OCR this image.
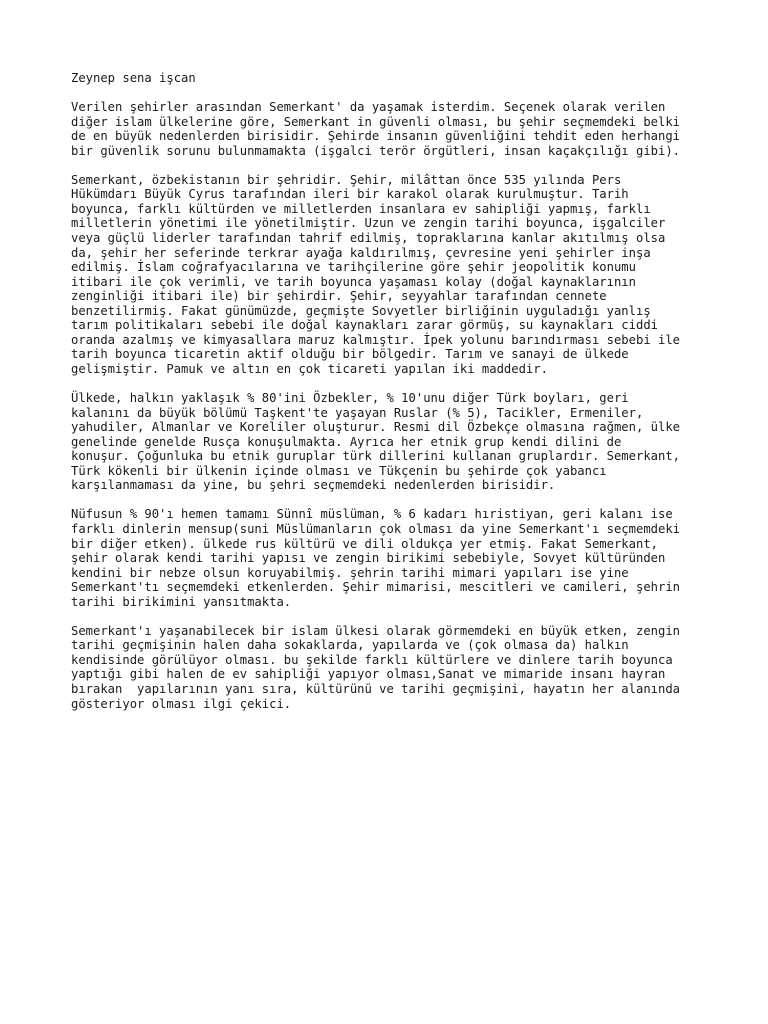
Zeynep sena işcan
Verilen şehirler arasından Semerkant' da yaşamak isterdim. Seçenek olarak verilen
diğer islam ülkelerine göre, Semerkant in güvenli olması, bu şehir seçmemdeki belki
de en büyük nedenlerden birisidir. Şehirde insanın güvenliğini tehdit eden herhangi
bir güvenlik sorunu bulunmamakta (işgalci terör örgütleri, insan kaçakçılığı gibi).
Semerkant, özbekistanın bir şehridir. Şehir, milâttan önce 535 yılında Pers
Hükümdarı Büyük Cyrus tarafından ileri bir karakol olarak kurulmuştur. Tarih
boyunca, farklı kültürden ve milletlerden insanlara ev sahipliği yapmış, farklı
milletlerin yönetimi ile yönetilmiştir. Uzun ve zengin tarihi boyunca, işgalciler
veya güçlü liderler tarafından tahrif edilmiş, topraklarına kanlar akıtılmış olsa
da, şehir her seferinde terkrar ayağa kaldırılmış, çevresine yeni şehirler inşa
edilmiş. İslam coğrafyacılarına ve tarihçilerine göre şehir jeopolitik konumu
itibari ile çok verimli, ve tarih boyunca yaşaması kolay (doğal kaynaklarının
zenginliği itibari ile) bir şehirdir. Şehir, seyyahlar tarafından cennete
benzetilirmiş. Fakat günümüzde, geçmişte Sovyetler birliğinin uyguladığı yanlış
tarım politikaları sebebi ile doğal kaynakları zarar görmüş, su kaynakları ciddi
oranda azalmış ve kimyasallara maruz kalmıştır. İpek yolunu barındırması sebebi ile
tarih boyunca ticaretin aktif olduğu bir bölgedir. Tarım ve sanayi de ülkede
gelişmiştir. Pamuk ve altın en çok ticareti yapılan iki maddedir.
Ülkede, halkın yaklaşık % 80'ini Özbekler, % 10'unu diğer Türk boyları, geri
kalanını da büyük bölümü Taşkent'te yaşayan Ruslar (% 5), Tacikler, Ermeniler,
yahudiler, Almanlar ve Koreliler oluşturur. Resmi dil Özbekçe olmasına rağmen, ülke
genelinde genelde Rusça konuşulmakta. Ayrıca her etnik grup kendi dilini de
konuşur. Çoğunluka bu etnik guruplar türk dillerini kullanan gruplardır. Semerkant,
Türk kökenli bir ülkenin içinde olması ve Tükçenin bu şehirde çok yabancı
karşılanmaması da yine, bu şehri seçmemdeki nedenlerden birisidir.
Nüfusun % 90'ı hemen tamamı Sünnî müslüman, % 6 kadarı hıristiyan, geri kalanı ise
farklı dinlerin mensup(suni Müslümanların çok olması da yine Semerkant'ı seçmemdeki
bir diğer etken). ülkede rus kültürü ve dili oldukça yer etmiş. Fakat Semerkant,
şehir olarak kendi tarihi yapısı ve zengin birikimi sebebiyle, Sovyet kültüründen
kendini bir nebze olsun koruyabilmiş. şehrin tarihi mimari yapıları ise yine
Semerkant'tı seçmemdeki etkenlerden. Şehir mimarisi, mescitleri ve camileri, şehrin
tarihi birikimini yansıtmakta.
Semerkant'ı yaşanabilecek bir islam ülkesi olarak görmemdeki en büyük etken, zengin
tarihi geçmişinin halen daha sokaklarda, yapılarda ve (çok olmasa da) halkın
kendisinde görülüyor olması. bu şekilde farklı kültürlere ve dinlere tarih boyunca
yaptığı gibi halen de ev sahipliği yapıyor olması,Sanat ve mimaride insanı hayran
bırakan  yapılarının yanı sıra, kültürünü ve tarihi geçmişini, hayatın her alanında
gösteriyor olması ilgi çekici.
